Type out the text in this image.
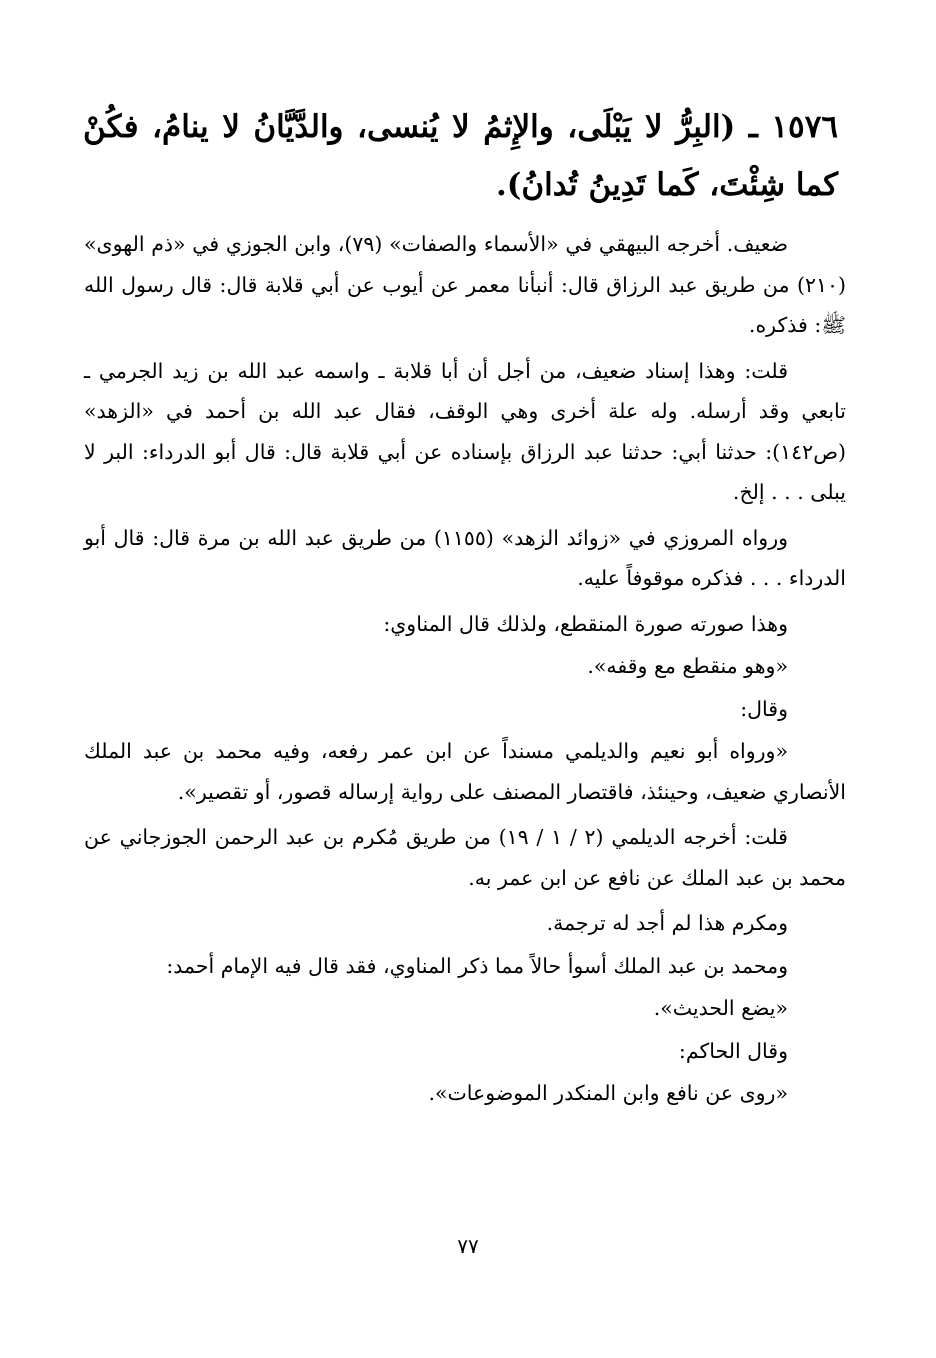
١٥٧٦ ـ (البِرُّ لا يَبْلَى، والإِثمُ لا يُنسى، والدَّيَّانُ لا ينامُ، فكُنْ كما شِئْتَ، كَما تَدِينُ تُدانُ).

ضعيف. أخرجه البيهقي في «الأسماء والصفات» (٧٩)، وابن الجوزي في «ذم الهوى» (٢١٠) من طريق عبد الرزاق قال: أنبأنا معمر عن أيوب عن أبي قلابة قال: قال رسول الله ﷺ: فذكره.

قلت: وهذا إسناد ضعيف، من أجل أن أبا قلابة ـ واسمه عبد الله بن زيد الجرمي ـ تابعي وقد أرسله. وله علة أخرى وهي الوقف، فقال عبد الله بن أحمد في «الزهد» (ص١٤٢): حدثنا أبي: حدثنا عبد الرزاق بإسناده عن أبي قلابة قال: قال أبو الدرداء: البر لا يبلى . . . إلخ.

ورواه المروزي في «زوائد الزهد» (١١٥٥) من طريق عبد الله بن مرة قال: قال أبو الدرداء . . . فذكره موقوفاً عليه.

وهذا صورته صورة المنقطع، ولذلك قال المناوي:

«وهو منقطع مع وقفه».

وقال:

«ورواه أبو نعيم والديلمي مسنداً عن ابن عمر رفعه، وفيه محمد بن عبد الملك الأنصاري ضعيف، وحينئذ، فاقتصار المصنف على رواية إرساله قصور، أو تقصير».

قلت: أخرجه الديلمي (٢ / ١ / ١٩) من طريق مُكرم بن عبد الرحمن الجوزجاني عن محمد بن عبد الملك عن نافع عن ابن عمر به.

ومكرم هذا لم أجد له ترجمة.

ومحمد بن عبد الملك أسوأ حالاً مما ذكر المناوي، فقد قال فيه الإمام أحمد:

«يضع الحديث».

وقال الحاكم:

«روى عن نافع وابن المنكدر الموضوعات».

٧٧
